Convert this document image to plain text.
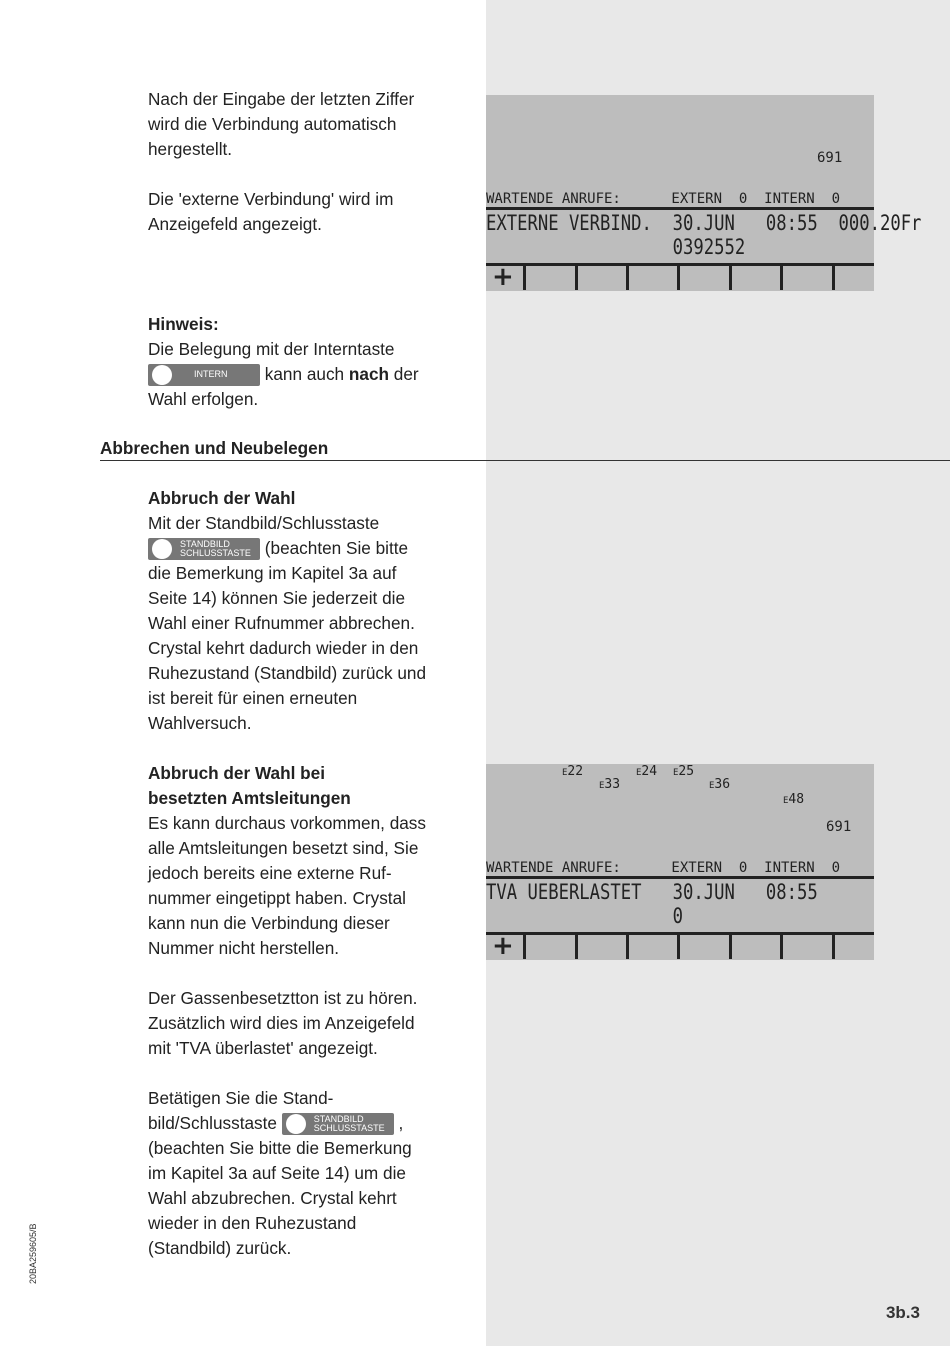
Nach der Eingabe der letzten Ziffer
wird die Verbindung automatisch
hergestellt.
Die 'externe Verbindung' wird im
Anzeigefeld angezeigt.
Hinweis:
Die Belegung mit der Interntaste
INTERN kann auch nach der
Wahl erfolgen.
Abbrechen und Neubelegen
Abbruch der Wahl
Mit der Standbild/Schlusstaste
STANDBILD
SCHLUSSTASTE (beachten Sie bitte
die Bemerkung im Kapitel 3a auf
Seite 14) können Sie jederzeit die
Wahl einer Rufnummer abbrechen.
Crystal kehrt dadurch wieder in den
Ruhezustand (Standbild) zurück und
ist bereit für einen erneuten
Wahlversuch.
Abbruch der Wahl bei
besetzten Amtsleitungen
Es kann durchaus vorkommen, dass
alle Amtsleitungen besetzt sind, Sie
jedoch bereits eine externe Ruf-
nummer eingetippt haben. Crystal
kann nun die Verbindung dieser
Nummer nicht herstellen.
Der Gassenbesetztton ist zu hören.
Zusätzlich wird dies im Anzeigefeld
mit 'TVA überlastet' angezeigt.
Betätigen Sie die Stand-
bild/Schlusstaste	STANDBILD
SCHLUSSTASTE ,
(beachten Sie bitte die Bemerkung
im Kapitel 3a auf Seite 14) um die
Wahl abzubrechen. Crystal kehrt
wieder in den Ruhezustand
(Standbild) zurück.
691
WARTENDE ANRUFE:      EXTERN  0  INTERN  0
EXTERNE VERBIND.  30.JUN   08:55  000.20Fr
0392552
+
E22
E33
E24 E25
E36
E48
691
WARTENDE ANRUFE:      EXTERN  0  INTERN  0
TVA UEBERLASTET   30.JUN   08:55
0
+
20BA259605/B
3b.3
